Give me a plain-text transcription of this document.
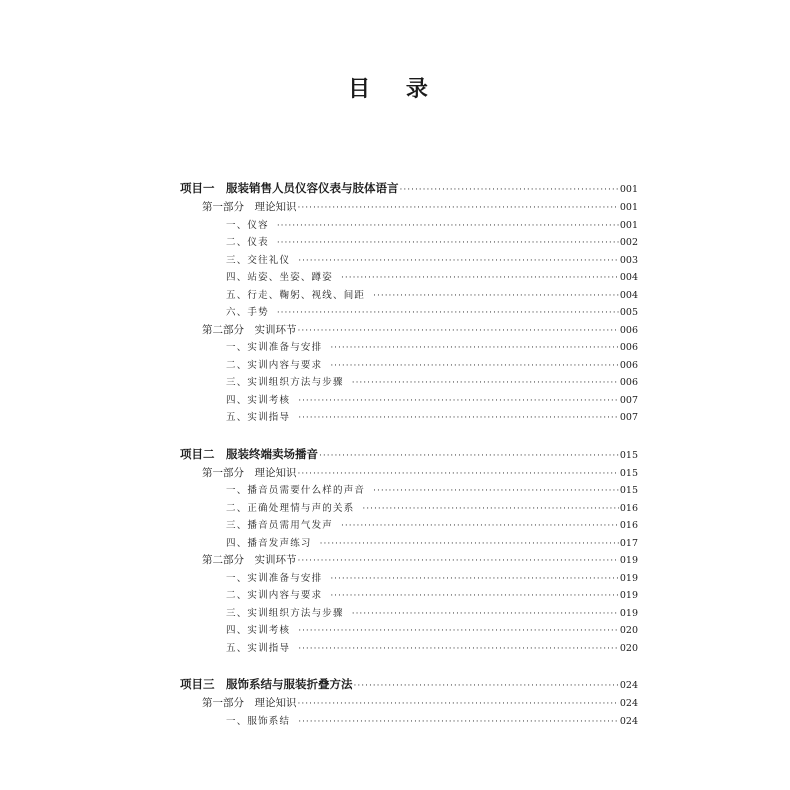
目 录
项目一　服装销售人员仪容仪表与肢体语言 ·····	001
第一部分　理论知识 ·····	001
一、仪容 ·····	001
二、仪表 ·····	002
三、交往礼仪 ·····	003
四、站姿、坐姿、蹲姿 ·····	004
五、行走、鞠躬、视线、间距 ·····	004
六、手势 ·····	005
第二部分　实训环节 ·····	006
一、实训准备与安排 ·····	006
二、实训内容与要求 ·····	006
三、实训组织方法与步骤 ·····	006
四、实训考核 ·····	007
五、实训指导 ·····	007
项目二　服装终端卖场播音 ·····	015
第一部分　理论知识 ·····	015
一、播音员需要什么样的声音 ·····	015
二、正确处理情与声的关系 ·····	016
三、播音员需用气发声 ·····	016
四、播音发声练习 ·····	017
第二部分　实训环节 ·····	019
一、实训准备与安排 ·····	019
二、实训内容与要求 ·····	019
三、实训组织方法与步骤 ·····	019
四、实训考核 ·····	020
五、实训指导 ·····	020
项目三　服饰系结与服装折叠方法 ·····	024
第一部分　理论知识 ·····	024
一、服饰系结 ·····	024
